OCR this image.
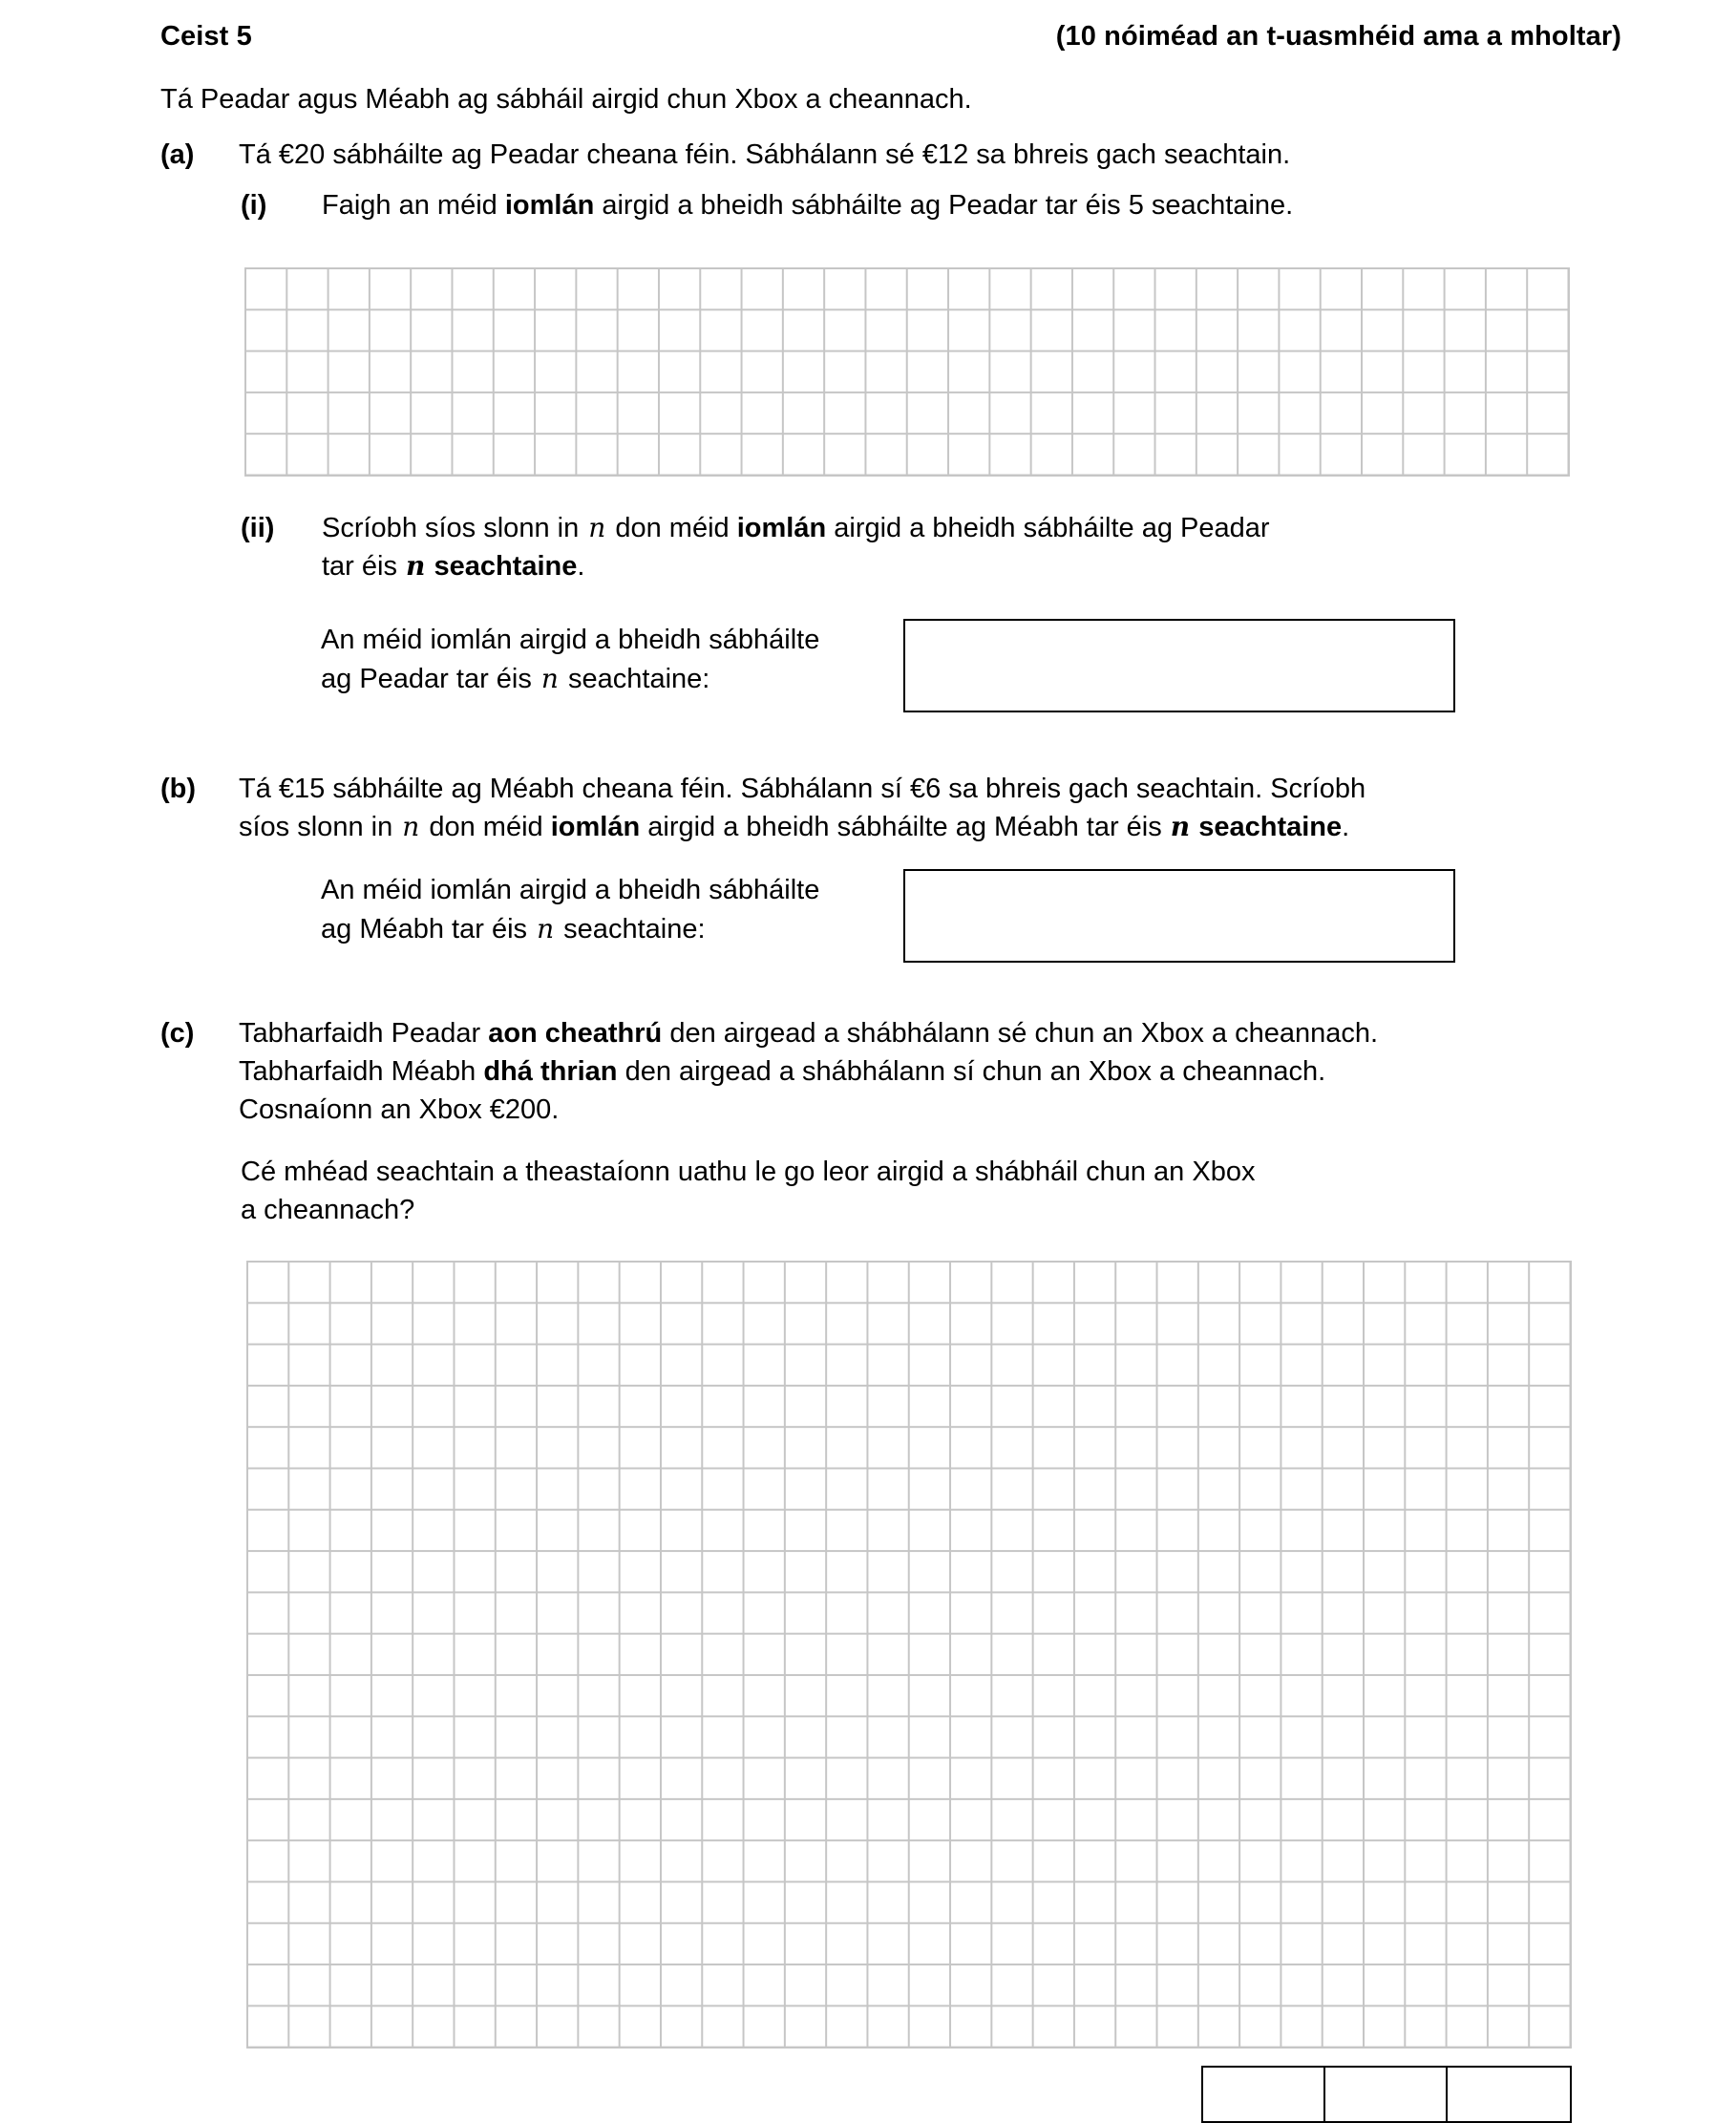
Ceist 5	(10 nóiméad an t-uasmhéid ama a mholtar)
Tá Peadar agus Méabh ag sábháil airgid chun Xbox a cheannach.
(a)	Tá €20 sábháilte ag Peadar cheana féin. Sábhálann sé €12 sa bhreis gach seachtain.
(i)	Faigh an méid iomlán airgid a bheidh sábháilte ag Peadar tar éis 5 seachtaine.
(ii)	Scríobh síos slonn in n don méid iomlán airgid a bheidh sábháilte ag Peadar
tar éis n seachtaine.
An méid iomlán airgid a bheidh sábháilte
ag Peadar tar éis n seachtaine:
(b)	Tá €15 sábháilte ag Méabh cheana féin. Sábhálann sí €6 sa bhreis gach seachtain. Scríobh
síos slonn in n don méid iomlán airgid a bheidh sábháilte ag Méabh tar éis n seachtaine.
An méid iomlán airgid a bheidh sábháilte
ag Méabh tar éis n seachtaine:
(c)	Tabharfaidh Peadar aon cheathrú den airgead a shábhálann sé chun an Xbox a cheannach.
Tabharfaidh Méabh dhá thrian den airgead a shábhálann sí chun an Xbox a cheannach.
Cosnaíonn an Xbox €200.
Cé mhéad seachtain a theastaíonn uathu le go leor airgid a shábháil chun an Xbox
a cheannach?
